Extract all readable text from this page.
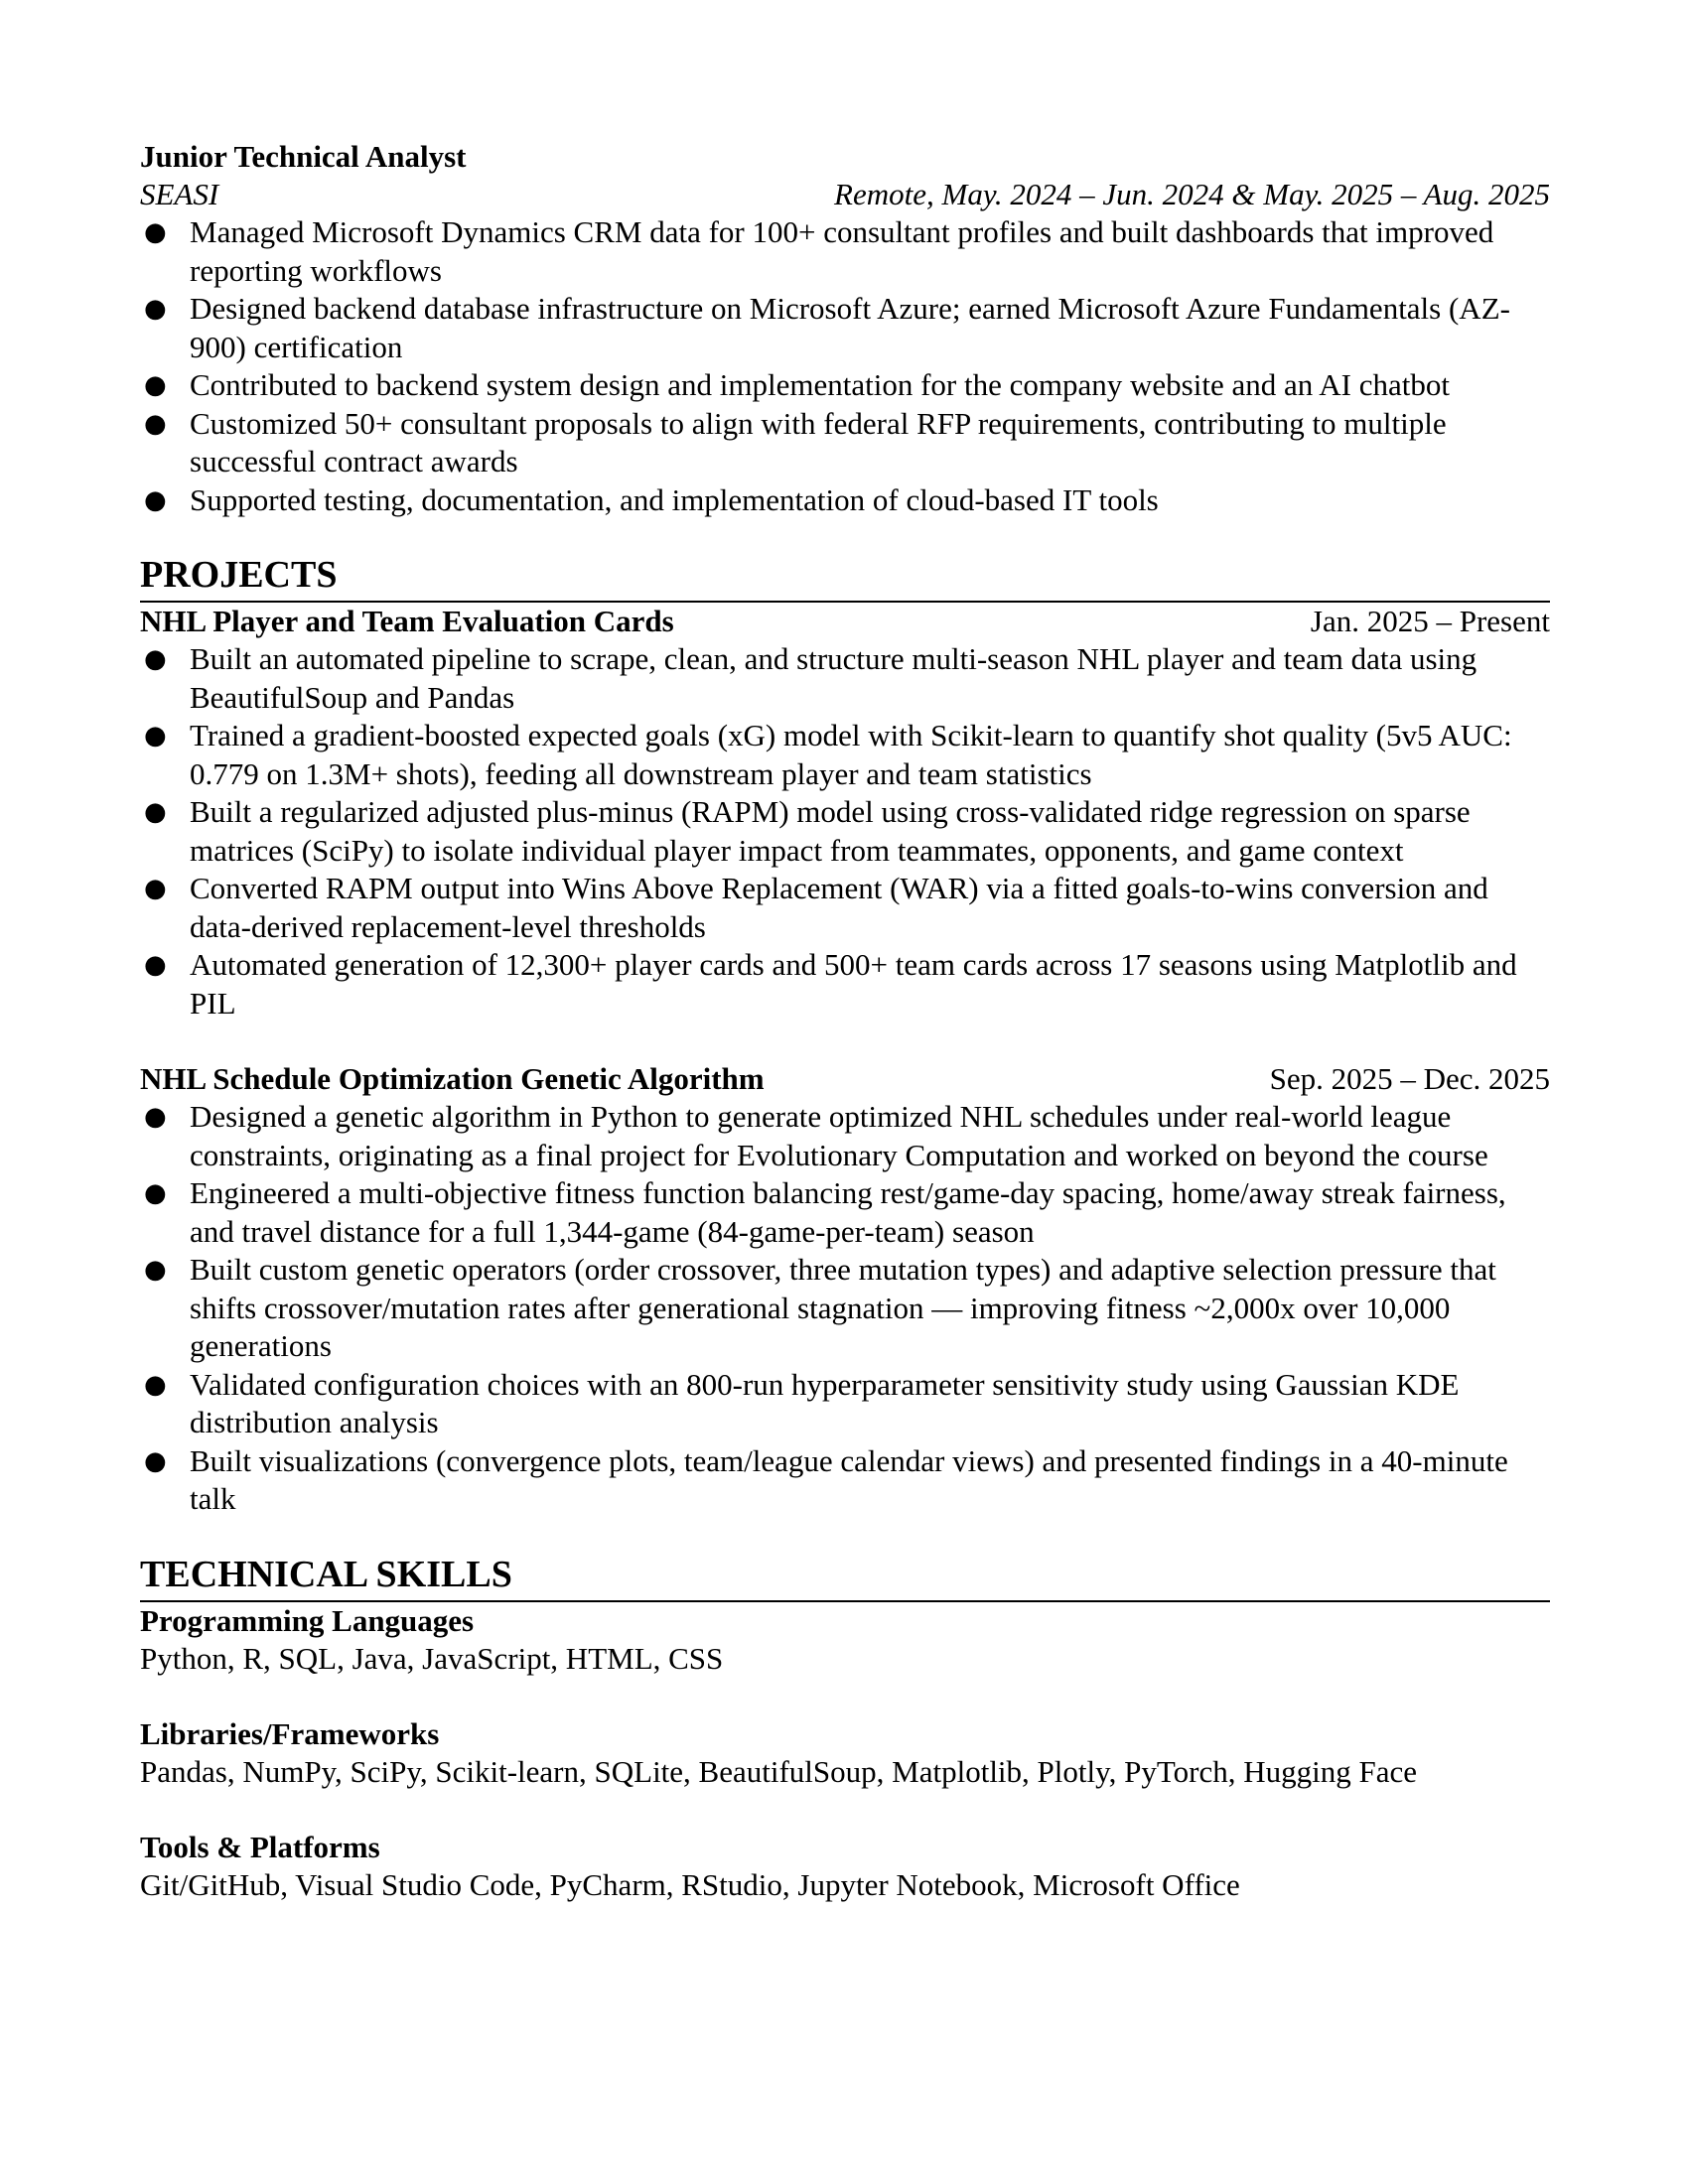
Junior Technical Analyst
SEASI	Remote, May. 2024 – Jun. 2024 & May. 2025 – Aug. 2025
● Managed Microsoft Dynamics CRM data for 100+ consultant profiles and built dashboards that improved reporting workflows
● Designed backend database infrastructure on Microsoft Azure; earned Microsoft Azure Fundamentals (AZ-900) certification
● Contributed to backend system design and implementation for the company website and an AI chatbot
● Customized 50+ consultant proposals to align with federal RFP requirements, contributing to multiple successful contract awards
● Supported testing, documentation, and implementation of cloud-based IT tools
PROJECTS
NHL Player and Team Evaluation Cards	Jan. 2025 – Present
● Built an automated pipeline to scrape, clean, and structure multi-season NHL player and team data using BeautifulSoup and Pandas
● Trained a gradient-boosted expected goals (xG) model with Scikit-learn to quantify shot quality (5v5 AUC: 0.779 on 1.3M+ shots), feeding all downstream player and team statistics
● Built a regularized adjusted plus-minus (RAPM) model using cross-validated ridge regression on sparse matrices (SciPy) to isolate individual player impact from teammates, opponents, and game context
● Converted RAPM output into Wins Above Replacement (WAR) via a fitted goals-to-wins conversion and data-derived replacement-level thresholds
● Automated generation of 12,300+ player cards and 500+ team cards across 17 seasons using Matplotlib and PIL
NHL Schedule Optimization Genetic Algorithm	Sep. 2025 – Dec. 2025
● Designed a genetic algorithm in Python to generate optimized NHL schedules under real-world league constraints, originating as a final project for Evolutionary Computation and worked on beyond the course
● Engineered a multi-objective fitness function balancing rest/game-day spacing, home/away streak fairness, and travel distance for a full 1,344-game (84-game-per-team) season
● Built custom genetic operators (order crossover, three mutation types) and adaptive selection pressure that shifts crossover/mutation rates after generational stagnation — improving fitness ~2,000x over 10,000 generations
● Validated configuration choices with an 800-run hyperparameter sensitivity study using Gaussian KDE distribution analysis
● Built visualizations (convergence plots, team/league calendar views) and presented findings in a 40-minute talk
TECHNICAL SKILLS
Programming Languages
Python, R, SQL, Java, JavaScript, HTML, CSS
Libraries/Frameworks
Pandas, NumPy, SciPy, Scikit-learn, SQLite, BeautifulSoup, Matplotlib, Plotly, PyTorch, Hugging Face
Tools & Platforms
Git/GitHub, Visual Studio Code, PyCharm, RStudio, Jupyter Notebook, Microsoft Office
